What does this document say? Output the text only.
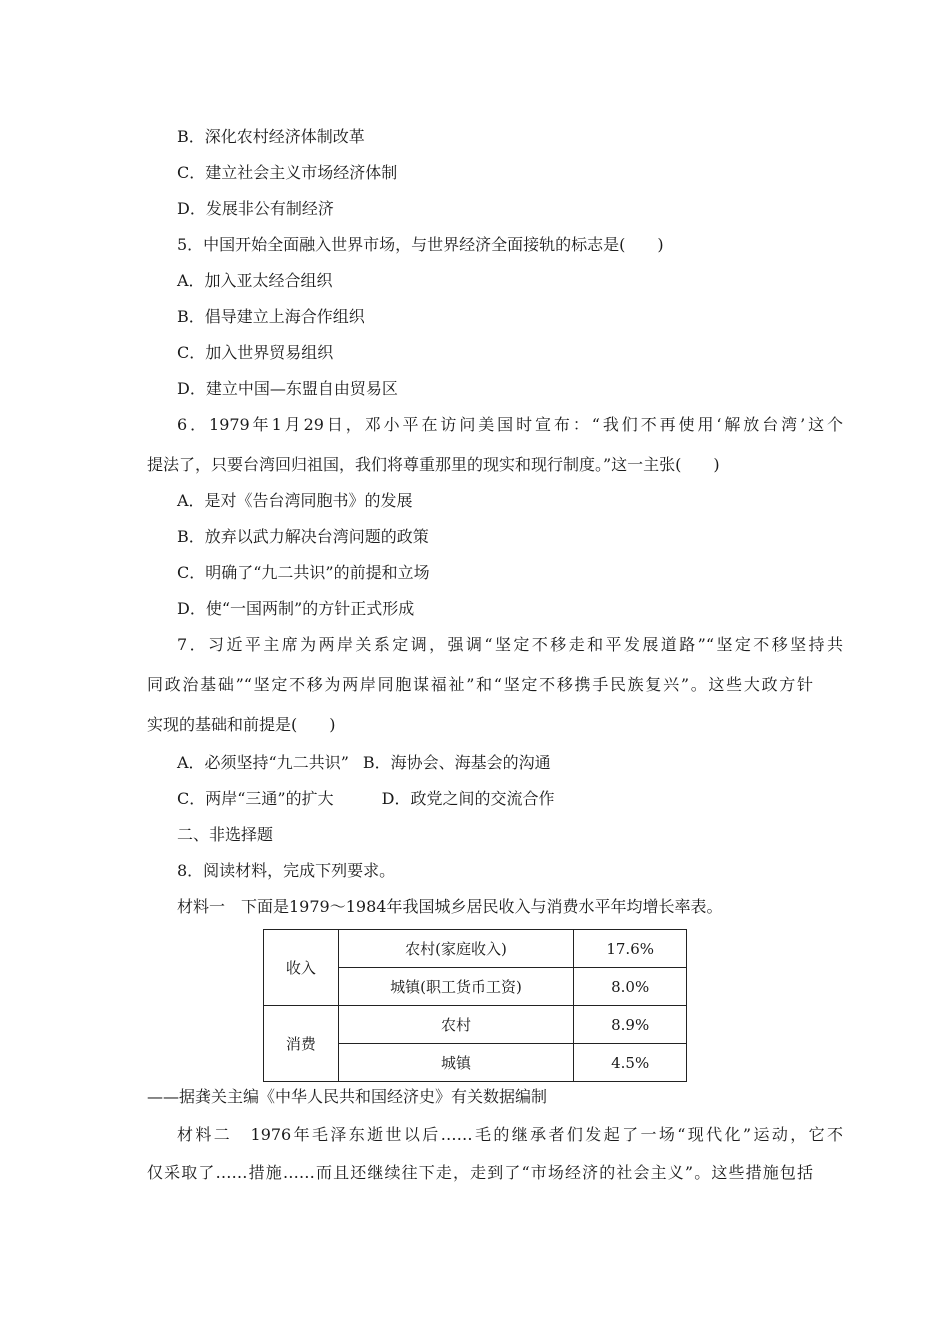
B．深化农村经济体制改革
C．建立社会主义市场经济体制
D．发展非公有制经济
5．中国开始全面融入世界市场，与世界经济全面接轨的标志是(　　)
A．加入亚太经合组织
B．倡导建立上海合作组织
C．加入世界贸易组织
D．建立中国—东盟自由贸易区
6．1979年1月29日，邓小平在访问美国时宣布：“我们不再使用‘解放台湾’这个
提法了，只要台湾回归祖国，我们将尊重那里的现实和现行制度。”这一主张(　　)
A．是对《告台湾同胞书》的发展
B．放弃以武力解决台湾问题的政策
C．明确了“九二共识”的前提和立场
D．使“一国两制”的方针正式形成
7．习近平主席为两岸关系定调，强调“坚定不移走和平发展道路”“坚定不移坚持共
同政治基础”“坚定不移为两岸同胞谋福祉”和“坚定不移携手民族复兴”。这些大政方针
实现的基础和前提是(　　)
A．必须坚持“九二共识” B．海协会、海基会的沟通
C．两岸“三通”的扩大	D．政党之间的交流合作
二、非选择题
8．阅读材料，完成下列要求。
材料一　下面是1979～1984年我国城乡居民收入与消费水平年均增长率表。
收入	农村(家庭收入)	17.6%
	城镇(职工货币工资)	8.0%
消费	农村	8.9%
	城镇	4.5%
——据龚关主编《中华人民共和国经济史》有关数据编制
材料二　1976年毛泽东逝世以后……毛的继承者们发起了一场“现代化”运动，它不
仅采取了……措施……而且还继续往下走，走到了“市场经济的社会主义”。这些措施包括
